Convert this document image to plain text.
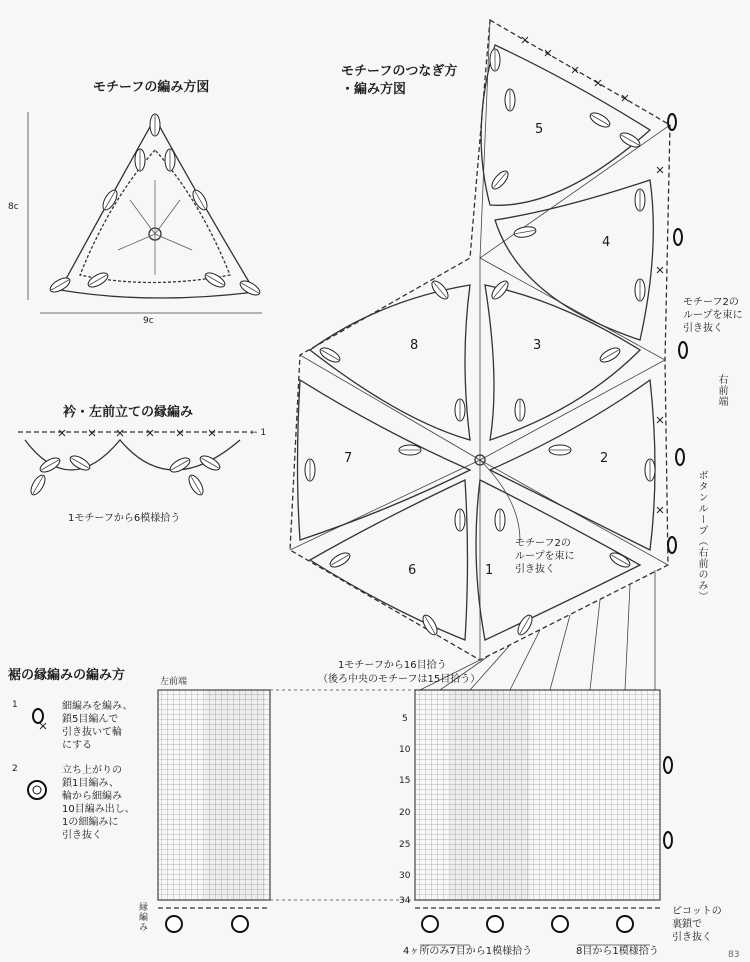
モチーフの編み方図
モチーフのつなぎ方
・編み方図
衿・左前立ての縁編み
裾の縁編みの編み方
8c
9c
5
4
8	3
7	2
6	1
← 1
1モチーフから6模様拾う
モチーフ2の
ループを束に
引き抜く
モチーフ2の
ループを束に
引き抜く
右前端
ボタンループ（右前のみ）
1モチーフから16目拾う
（後ろ中央のモチーフは15目拾う）
1	細編みを編み、
鎖5目編んで
引き抜いて輪
にする
2	立ち上がりの
鎖1目編み、
輪から細編み
10目編み出し、
1の細編みに
引き抜く
左前端
5
10
15
20
25
30
34
縁編み	ピコットの
裏鎖で
引き抜く
4ヶ所のみ7目から1模様拾う	8目から1模様拾う	83
